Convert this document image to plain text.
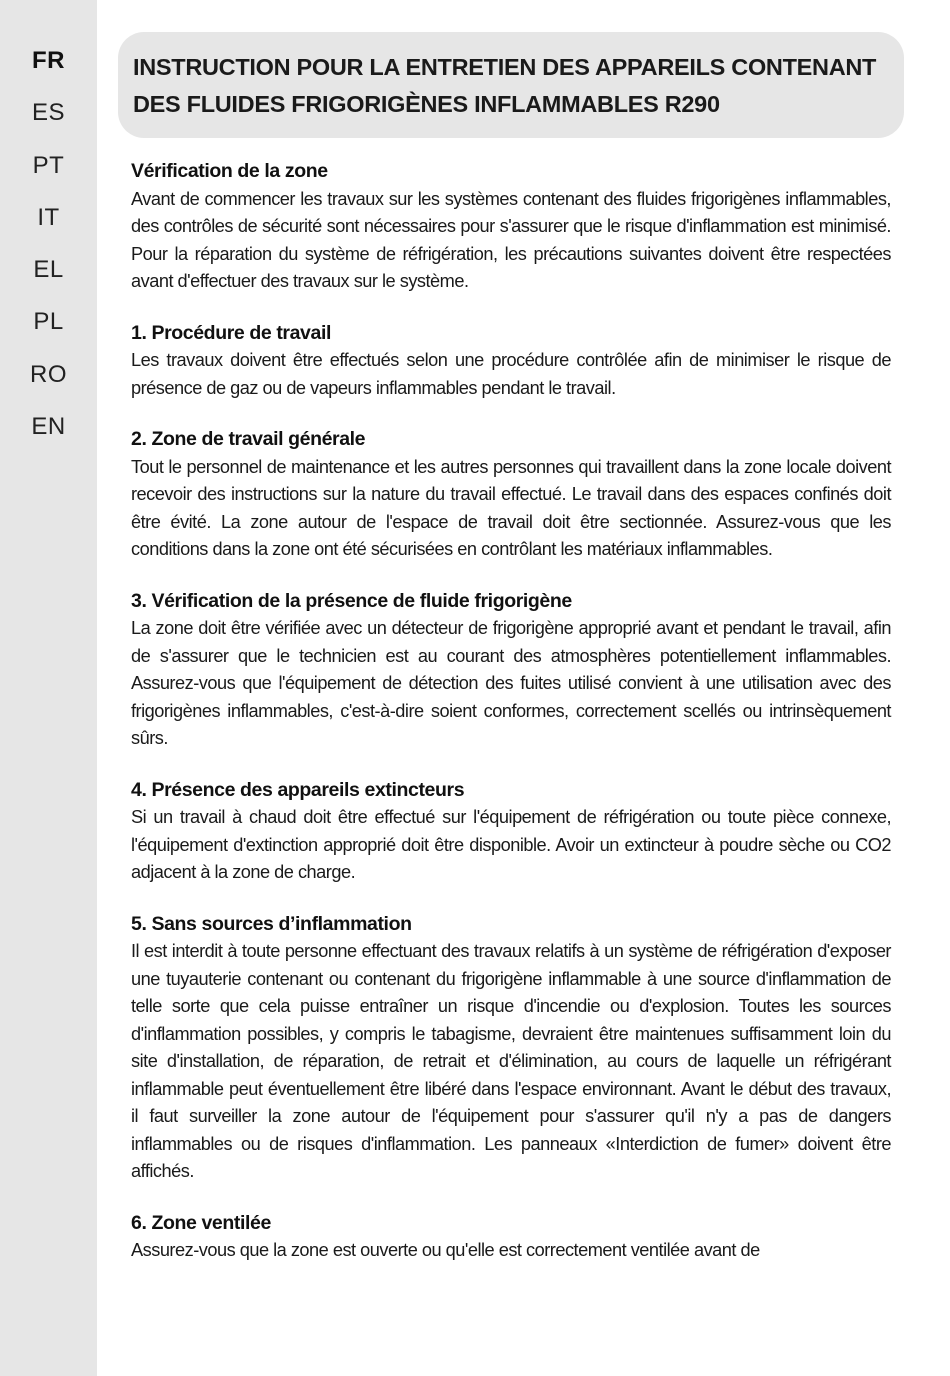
FR
ES
PT
IT
EL
PL
RO
EN
INSTRUCTION POUR LA ENTRETIEN DES APPAREILS CONTENANT DES FLUIDES FRIGORIGÈNES INFLAMMABLES R290
Vérification de la zone

Avant de commencer les travaux sur les systèmes contenant des fluides frigorigènes inflammables, des contrôles de sécurité sont nécessaires pour s'assurer que le risque d'inflammation est minimisé. Pour la réparation du système de réfrigération, les précautions suivantes doivent être respectées avant d'effectuer des travaux sur le système.

1. Procédure de travail

Les travaux doivent être effectués selon une procédure contrôlée afin de minimiser le risque de présence de gaz ou de vapeurs inflammables pendant le travail.

2. Zone de travail générale

Tout le personnel de maintenance et les autres personnes qui travaillent dans la zone locale doivent recevoir des instructions sur la nature du travail effectué. Le travail dans des espaces confinés doit être évité. La zone autour de l'espace de travail doit être sectionnée. Assurez-vous que les conditions dans la zone ont été sécurisées en contrôlant les matériaux inflammables.

3. Vérification de la présence de fluide frigorigène

La zone doit être vérifiée avec un détecteur de frigorigène approprié avant et pendant le travail, afin de s'assurer que le technicien est au courant des atmosphères potentiellement inflammables. Assurez-vous que l'équipement de détection des fuites utilisé convient à une utilisation avec des frigorigènes inflammables, c'est-à-dire soient conformes, correctement scellés ou intrinsèquement sûrs.

4. Présence des appareils extincteurs

Si un travail à chaud doit être effectué sur l'équipement de réfrigération ou toute pièce connexe, l'équipement d'extinction approprié doit être disponible. Avoir un extincteur à poudre sèche ou CO2 adjacent à la zone de charge.

5. Sans sources d’inflammation

Il est interdit à toute personne effectuant des travaux relatifs à un système de réfrigération d'exposer une tuyauterie contenant ou contenant du frigorigène inflammable à une source d'inflammation de telle sorte que cela puisse entraîner un risque d'incendie ou d'explosion. Toutes les sources d'inflammation possibles, y compris le tabagisme, devraient être maintenues suffisamment loin du site d'installation, de réparation, de retrait et d'élimination, au cours de laquelle un réfrigérant inflammable peut éventuellement être libéré dans l'espace environnant. Avant le début des travaux, il faut surveiller la zone autour de l'équipement pour s'assurer qu'il n'y a pas de dangers inflammables ou de risques d'inflammation. Les panneaux «Interdiction de fumer» doivent être affichés.

6. Zone ventilée

Assurez-vous que la zone est ouverte ou qu'elle est correctement ventilée avant de
